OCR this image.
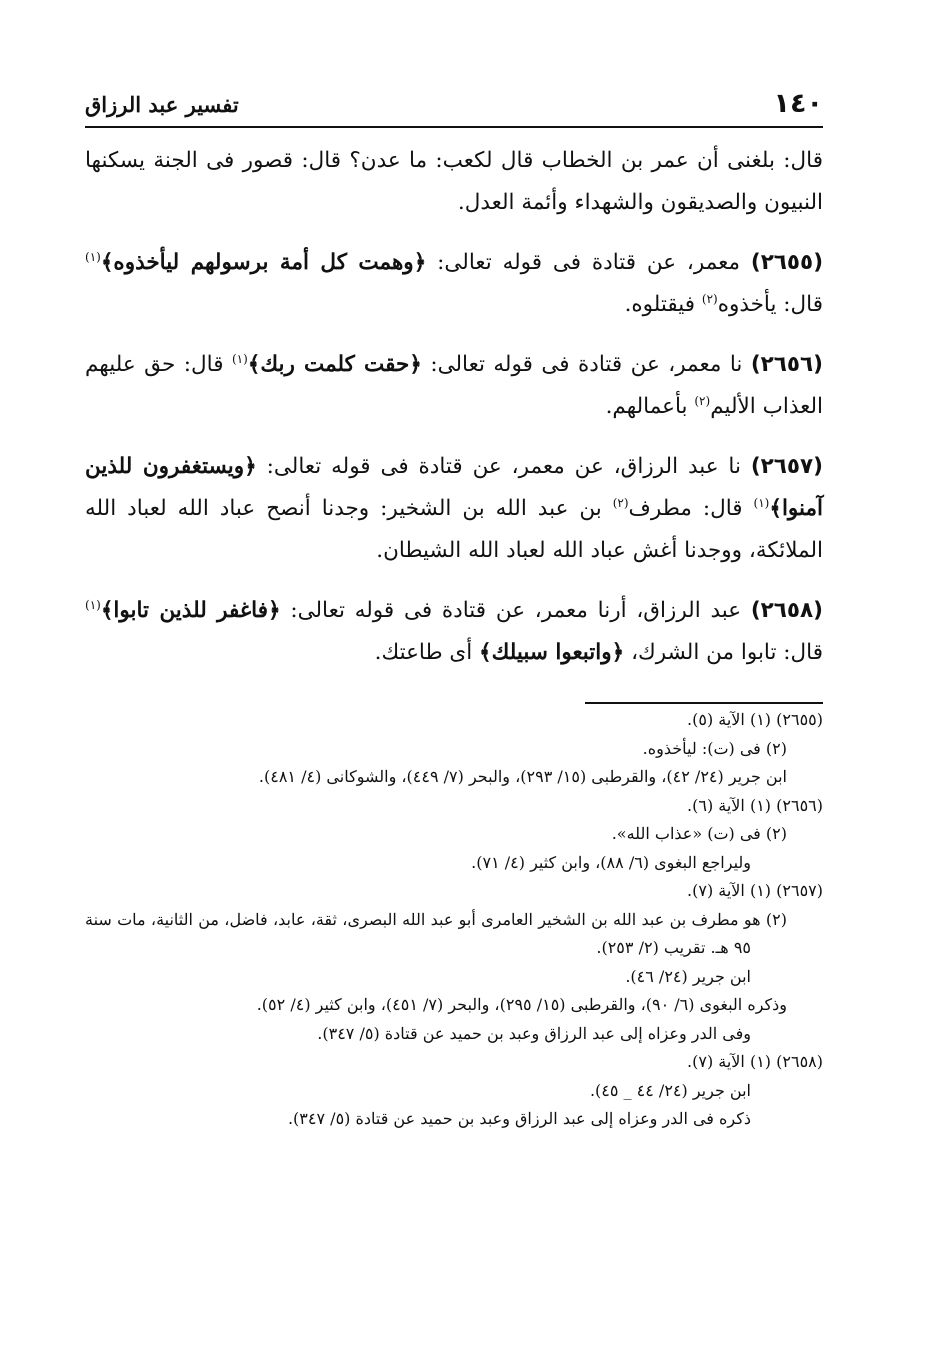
١٤٠
تفسير عبد الرزاق

قال: بلغنى أن عمر بن الخطاب قال لكعب: ما عدن؟ قال: قصور فى الجنة يسكنها النبيون والصديقون والشهداء وأئمة العدل.

(٢٦٥٥) معمر، عن قتادة فى قوله تعالى: ﴿وهمت كل أمة برسولهم ليأخذوه﴾$^{(١)}$ قال: يأخذوه$^{(٢)}$ فيقتلوه.

(٢٦٥٦) نا معمر، عن قتادة فى قوله تعالى: ﴿حقت كلمت ربك﴾$^{(١)}$ قال: حق عليهم العذاب الأليم$^{(٢)}$ بأعمالهم.

(٢٦٥٧) نا عبد الرزاق، عن معمر، عن قتادة فى قوله تعالى: ﴿ويستغفرون للذين آمنوا﴾$^{(١)}$ قال: مطرف$^{(٢)}$ بن عبد الله بن الشخير: وجدنا أنصح عباد الله لعباد الله الملائكة، ووجدنا أغش عباد الله لعباد الله الشيطان.

(٢٦٥٨) عبد الرزاق، أرنا معمر، عن قتادة فى قوله تعالى: ﴿فاغفر للذين تابوا﴾$^{(١)}$ قال: تابوا من الشرك، ﴿واتبعوا سبيلك﴾ أى طاعتك.

(٢٦٥٥) (١) الآية (٥).

(٢) فى (ت): ليأخذوه.

ابن جرير (٢٤/ ٤٢)، والقرطبى (١٥/ ٢٩٣)، والبحر (٧/ ٤٤٩)، والشوكانى (٤/ ٤٨١).

(٢٦٥٦) (١) الآية (٦).

(٢) فى (ت) «عذاب الله».

وليراجع البغوى (٦/ ٨٨)، وابن كثير (٤/ ٧١).

(٢٦٥٧) (١) الآية (٧).

(٢) هو مطرف بن عبد الله بن الشخير العامرى أبو عبد الله البصرى، ثقة، عابد، فاضل، من الثانية، مات سنة ٩٥ هـ. تقريب (٢/ ٢٥٣).

ابن جرير (٢٤/ ٤٦).

وذكره البغوى (٦/ ٩٠)، والقرطبى (١٥/ ٢٩٥)، والبحر (٧/ ٤٥١)، وابن كثير (٤/ ٥٢).

وفى الدر وعزاه إلى عبد الرزاق وعبد بن حميد عن قتادة (٥/ ٣٤٧).

(٢٦٥٨) (١) الآية (٧).

ابن جرير (٢٤/ ٤٤ _ ٤٥).

ذكره فى الدر وعزاه إلى عبد الرزاق وعبد بن حميد عن قتادة (٥/ ٣٤٧).
